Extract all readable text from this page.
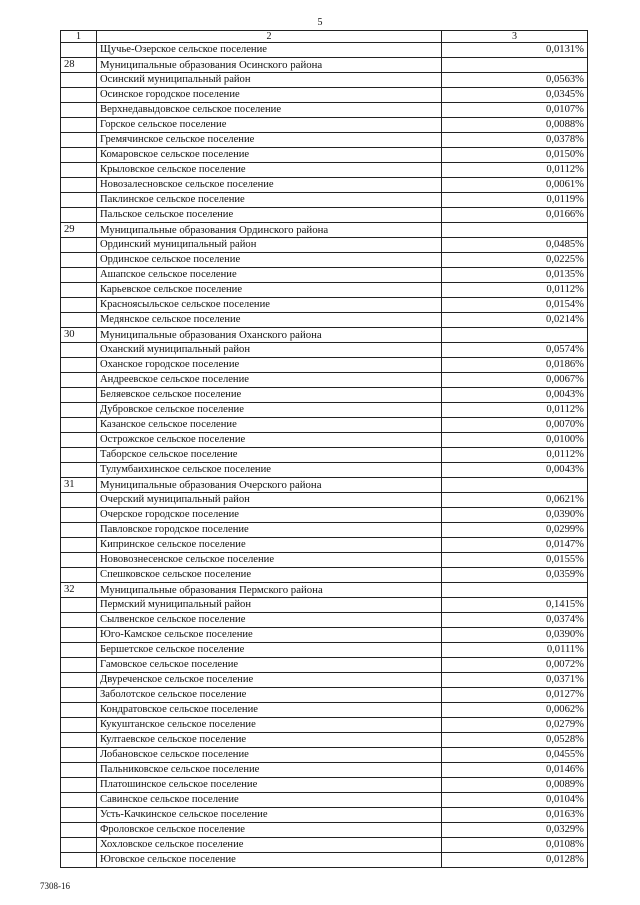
5
1	2	3
	Щучье-Озерское сельское поселение	0,0131%
28	Муниципальные образования Осинского района	
	Осинский муниципальный район	0,0563%
	Осинское городское поселение	0,0345%
	Верхнедавыдовское сельское поселение	0,0107%
	Горское сельское поселение	0,0088%
	Гремячинское сельское поселение	0,0378%
	Комаровское сельское поселение	0,0150%
	Крыловское сельское поселение	0,0112%
	Новозалесновское сельское поселение	0,0061%
	Паклинское сельское поселение	0,0119%
	Пальское сельское поселение	0,0166%
29	Муниципальные образования Ординского района	
	Ординский муниципальный район	0,0485%
	Ординское сельское поселение	0,0225%
	Ашапское сельское поселение	0,0135%
	Карьевское сельское поселение	0,0112%
	Красноясыльское сельское поселение	0,0154%
	Медянское сельское поселение	0,0214%
30	Муниципальные образования Оханского района	
	Оханский муниципальный район	0,0574%
	Оханское городское поселение	0,0186%
	Андреевское сельское поселение	0,0067%
	Беляевское сельское поселение	0,0043%
	Дубровское сельское поселение	0,0112%
	Казанское сельское поселение	0,0070%
	Острожское сельское поселение	0,0100%
	Таборское сельское поселение	0,0112%
	Тулумбаихинское сельское поселение	0,0043%
31	Муниципальные образования Очерского района	
	Очерский муниципальный район	0,0621%
	Очерское городское поселение	0,0390%
	Павловское городское поселение	0,0299%
	Кипринское сельское поселение	0,0147%
	Нововознесенское сельское поселение	0,0155%
	Спешковское сельское поселение	0,0359%
32	Муниципальные образования Пермского района	
	Пермский муниципальный район	0,1415%
	Сылвенское сельское поселение	0,0374%
	Юго-Камское сельское поселение	0,0390%
	Бершетское сельское поселение	0,0111%
	Гамовское сельское поселение	0,0072%
	Двуреченское сельское поселение	0,0371%
	Заболотское сельское поселение	0,0127%
	Кондратовское сельское поселение	0,0062%
	Кукуштанское сельское поселение	0,0279%
	Култаевское сельское поселение	0,0528%
	Лобановское сельское поселение	0,0455%
	Пальниковское сельское поселение	0,0146%
	Платошинское сельское поселение	0,0089%
	Савинское сельское поселение	0,0104%
	Усть-Качкинское сельское поселение	0,0163%
	Фроловское сельское поселение	0,0329%
	Хохловское сельское поселение	0,0108%
	Юговское сельское поселение	0,0128%
7308-16
